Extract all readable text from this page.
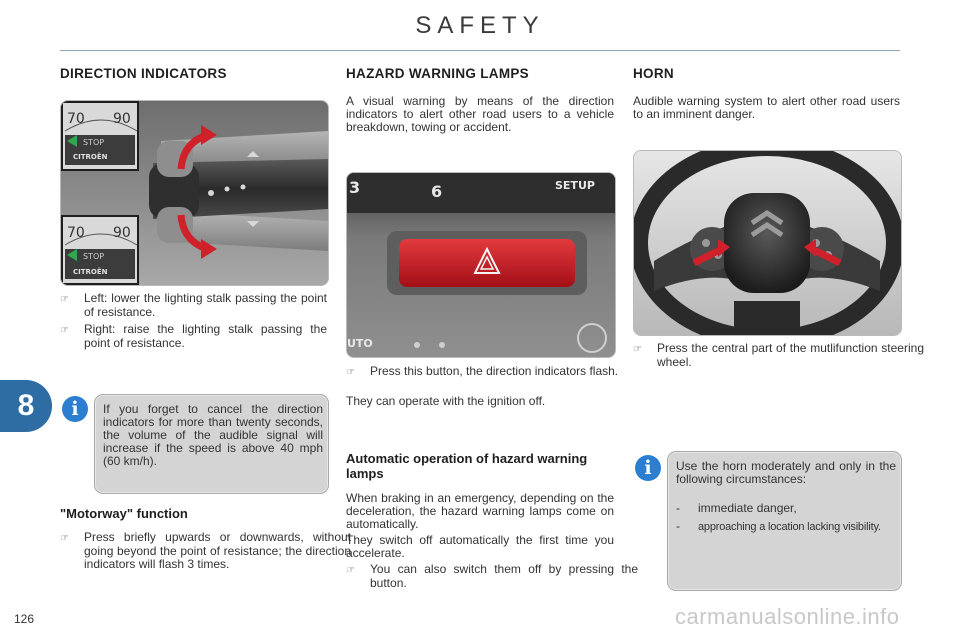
SAFETY
8
DIRECTION INDICATORS
70 90
STOP
CITROËN
70 90
STOP
CITROËN
☞ Left: lower the lighting stalk passing the point of resistance.
☞ Right: raise the lighting stalk passing the point of resistance.
i	If you forget to cancel the direction indicators for more than twenty seconds, the volume of the audible signal will increase if the speed is above 40 mph (60 km/h).
"Motorway" function
☞ Press briefly upwards or downwards, without going beyond the point of resistance; the direction indicators will flash 3 times.
HAZARD WARNING LAMPS
A visual warning by means of the direction indicators to alert other road users to a vehicle breakdown, towing or accident.
3	6	SETUP
UTO
☞ Press this button, the direction indicators flash.
They can operate with the ignition off.
Automatic operation of hazard warning lamps
When braking in an emergency, depending on the deceleration, the hazard warning lamps come on automatically.
They switch off automatically the first time you accelerate.
☞ You can also switch them off by pressing the button.
HORN
Audible warning system to alert other road users to an imminent danger.
☞ Press the central part of the mutlifunction steering wheel.
i	Use the horn moderately and only in the following circumstances:
- immediate danger,
- approaching a location lacking visibility.
126	carmanualsonline.info
